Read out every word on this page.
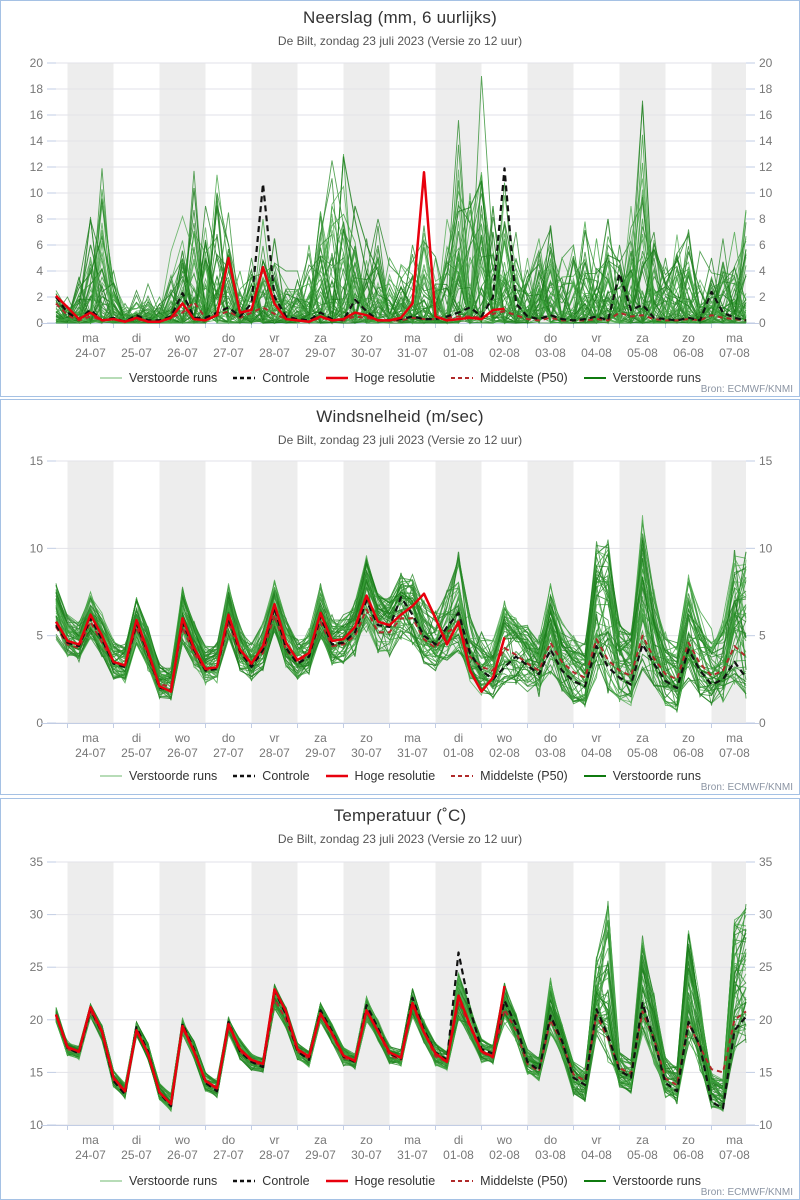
0
2
4
6
8
10
12
14
16
18
20
0
2
4
6
8
10
12
14
16
18
20
ma
24-07
di
25-07
wo
26-07
do
27-07
vr
28-07
za
29-07
zo
30-07
ma
31-07
di
01-08
wo
02-08
do
03-08
vr
04-08
za
05-08
zo
06-08
ma
07-08
Neerslag (mm, 6 uurlijks)
De Bilt, zondag 23 juli 2023 (Versie zo 12 uur)
Verstoorde runs	Controle	Hoge resolutie	Middelste (P50)	Verstoorde runs
Bron: ECMWF/KNMI
0
5
10
15
0
5
10
15
ma
24-07
di
25-07
wo
26-07
do
27-07
vr
28-07
za
29-07
zo
30-07
ma
31-07
di
01-08
wo
02-08
do
03-08
vr
04-08
za
05-08
zo
06-08
ma
07-08
Windsnelheid (m/sec)
De Bilt, zondag 23 juli 2023 (Versie zo 12 uur)
Verstoorde runs	Controle	Hoge resolutie	Middelste (P50)	Verstoorde runs
Bron: ECMWF/KNMI
10
15
20
25
30
35
10
15
20
25
30
35
ma
24-07
di
25-07
wo
26-07
do
27-07
vr
28-07
za
29-07
zo
30-07
ma
31-07
di
01-08
wo
02-08
do
03-08
vr
04-08
za
05-08
zo
06-08
ma
07-08
Temperatuur (˚C)
De Bilt, zondag 23 juli 2023 (Versie zo 12 uur)
Verstoorde runs	Controle	Hoge resolutie	Middelste (P50)	Verstoorde runs
Bron: ECMWF/KNMI
